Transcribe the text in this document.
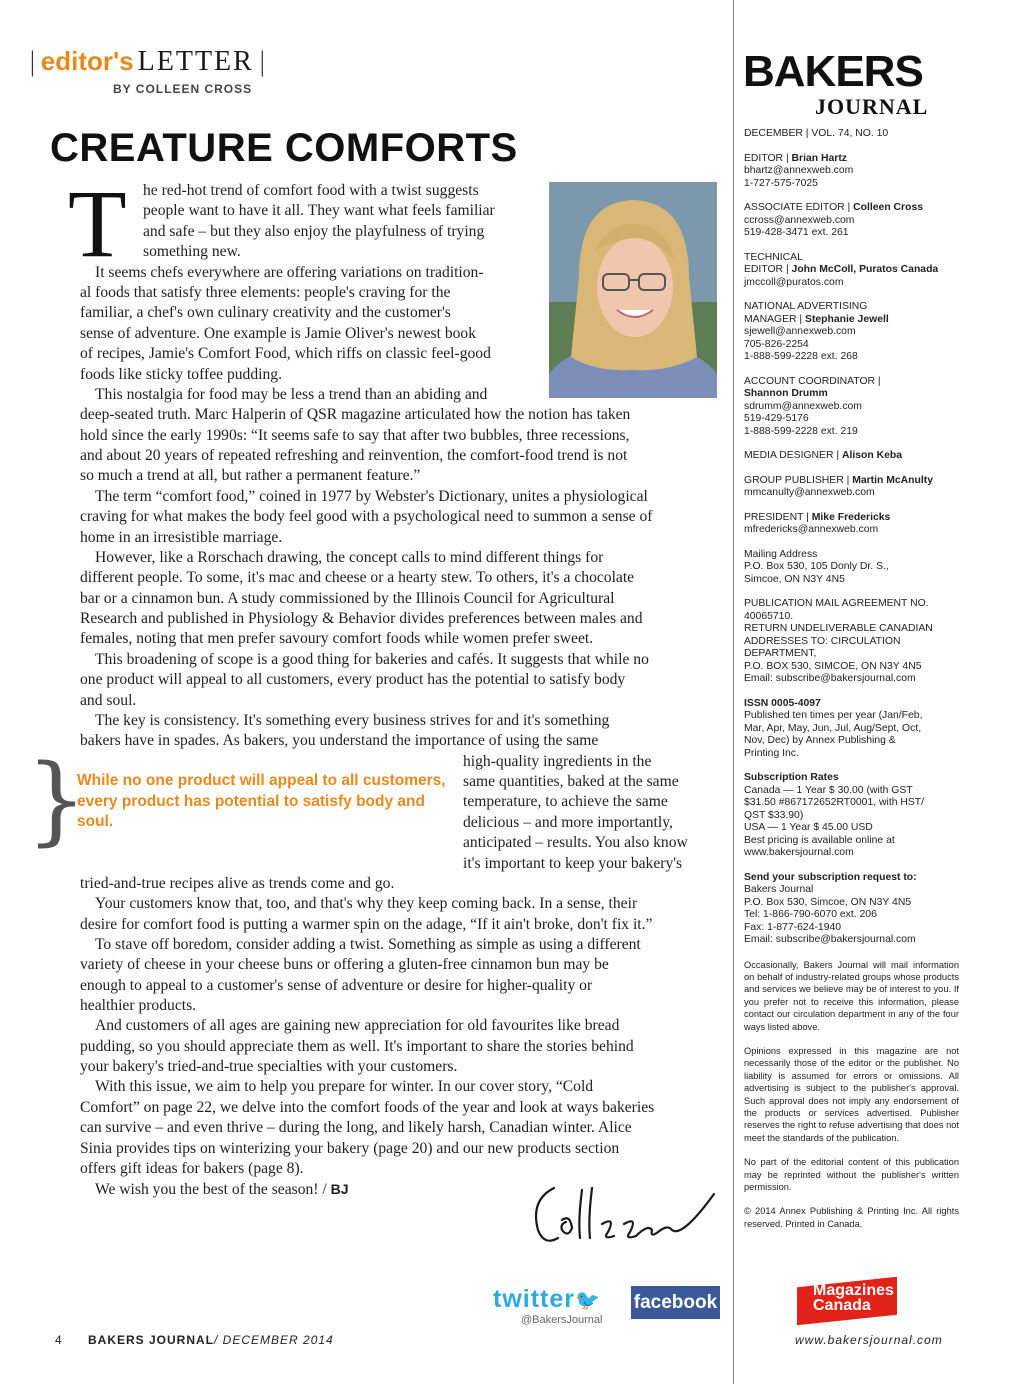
| editor's LETTER |
BY COLLEEN CROSS
CREATURE COMFORTS
T he red-hot trend of comfort food with a twist suggests
people want to have it all. They want what feels familiar
and safe – but they also enjoy the playfulness of trying
something new.
It seems chefs everywhere are offering variations on tradition-
al foods that satisfy three elements: people's craving for the
familiar, a chef's own culinary creativity and the customer's
sense of adventure. One example is Jamie Oliver's newest book
of recipes, Jamie's Comfort Food, which riffs on classic feel-good
foods like sticky toffee pudding.
This nostalgia for food may be less a trend than an abiding and
deep-seated truth. Marc Halperin of QSR magazine articulated how the notion has taken
hold since the early 1990s: “It seems safe to say that after two bubbles, three recessions,
and about 20 years of repeated refreshing and reinvention, the comfort-food trend is not
so much a trend at all, but rather a permanent feature.”
The term “comfort food,” coined in 1977 by Webster's Dictionary, unites a physiological
craving for what makes the body feel good with a psychological need to summon a sense of
home in an irresistible marriage.
However, like a Rorschach drawing, the concept calls to mind different things for
different people. To some, it's mac and cheese or a hearty stew. To others, it's a chocolate
bar or a cinnamon bun. A study commissioned by the Illinois Council for Agricultural
Research and published in Physiology & Behavior divides preferences between males and
females, noting that men prefer savoury comfort foods while women prefer sweet.
This broadening of scope is a good thing for bakeries and cafés. It suggests that while no
one product will appeal to all customers, every product has the potential to satisfy body
and soul.
The key is consistency. It's something every business strives for and it's something
bakers have in spades. As bakers, you understand the importance of using the same
high-quality ingredients in the
same quantities, baked at the same
temperature, to achieve the same
delicious – and more importantly,
anticipated – results. You also know
it's important to keep your bakery's
tried-and-true recipes alive as trends come and go.
Your customers know that, too, and that's why they keep coming back. In a sense, their
desire for comfort food is putting a warmer spin on the adage, “If it ain't broke, don't fix it.”
To stave off boredom, consider adding a twist. Something as simple as using a different
variety of cheese in your cheese buns or offering a gluten-free cinnamon bun may be
enough to appeal to a customer's sense of adventure or desire for higher-quality or
healthier products.
And customers of all ages are gaining new appreciation for old favourites like bread
pudding, so you should appreciate them as well. It's important to share the stories behind
your bakery's tried-and-true specialties with your customers.
With this issue, we aim to help you prepare for winter. In our cover story, “Cold
Comfort” on page 22, we delve into the comfort foods of the year and look at ways bakeries
can survive – and even thrive – during the long, and likely harsh, Canadian winter. Alice
Sinia provides tips on winterizing your bakery (page 20) and our new products section
offers gift ideas for bakers (page 8).
We wish you the best of the season! / BJ
}
While no one product will appeal to all customers, every product has potential to satisfy body and soul.
twitter🐦
@BakersJournal
facebook
BAKERS
JOURNAL
DECEMBER | VOL. 74, NO. 10
EDITOR | Brian Hartz
bhartz@annexweb.com
1-727-575-7025
ASSOCIATE EDITOR | Colleen Cross
ccross@annexweb.com
519-428-3471 ext. 261
TECHNICAL
EDITOR | John McColl, Puratos Canada
jmccoll@puratos.com
NATIONAL ADVERTISING
MANAGER | Stephanie Jewell
sjewell@annexweb.com
705-826-2254
1-888-599-2228 ext. 268
ACCOUNT COORDINATOR |
Shannon Drumm
sdrumm@annexweb.com
519-429-5176
1-888-599-2228 ext. 219
MEDIA DESIGNER | Alison Keba
GROUP PUBLISHER | Martin McAnulty
mmcanulty@annexweb.com
PRESIDENT | Mike Fredericks
mfredericks@annexweb.com
Mailing Address
P.O. Box 530, 105 Donly Dr. S.,
Simcoe, ON N3Y 4N5
PUBLICATION MAIL AGREEMENT NO.
40065710.
RETURN UNDELIVERABLE CANADIAN
ADDRESSES TO: CIRCULATION
DEPARTMENT,
P.O. BOX 530, SIMCOE, ON N3Y 4N5
Email: subscribe@bakersjournal.com
ISSN 0005-4097
Published ten times per year (Jan/Feb,
Mar, Apr, May, Jun, Jul, Aug/Sept, Oct,
Nov, Dec) by Annex Publishing &
Printing Inc.
Subscription Rates
Canada — 1 Year $ 30.00 (with GST
$31.50 #867172652RT0001, with HST/
QST $33.90)
USA — 1 Year $ 45.00 USD
Best pricing is available online at
www.bakersjournal.com
Send your subscription request to:
Bakers Journal
P.O. Box 530, Simcoe, ON N3Y 4N5
Tel: 1-866-790-6070 ext. 206
Fax: 1-877-624-1940
Email: subscribe@bakersjournal.com
Occasionally, Bakers Journal will mail information on behalf of industry-related groups whose products and services we believe may be of interest to you. If you prefer not to receive this information, please contact our circulation department in any of the four ways listed above.
Opinions expressed in this magazine are not necessarily those of the editor or the publisher. No liability is assumed for errors or omissions. All advertising is subject to the publisher's approval. Such approval does not imply any endorsement of the products or services advertised. Publisher reserves the right to refuse advertising that does not meet the standards of the publication.
No part of the editorial content of this publication may be reprinted without the publisher's written permission.
© 2014 Annex Publishing & Printing Inc. All rights reserved. Printed in Canada.
Magazines
Canada
4 BAKERS JOURNAL/ DECEMBER 2014	www.bakersjournal.com
